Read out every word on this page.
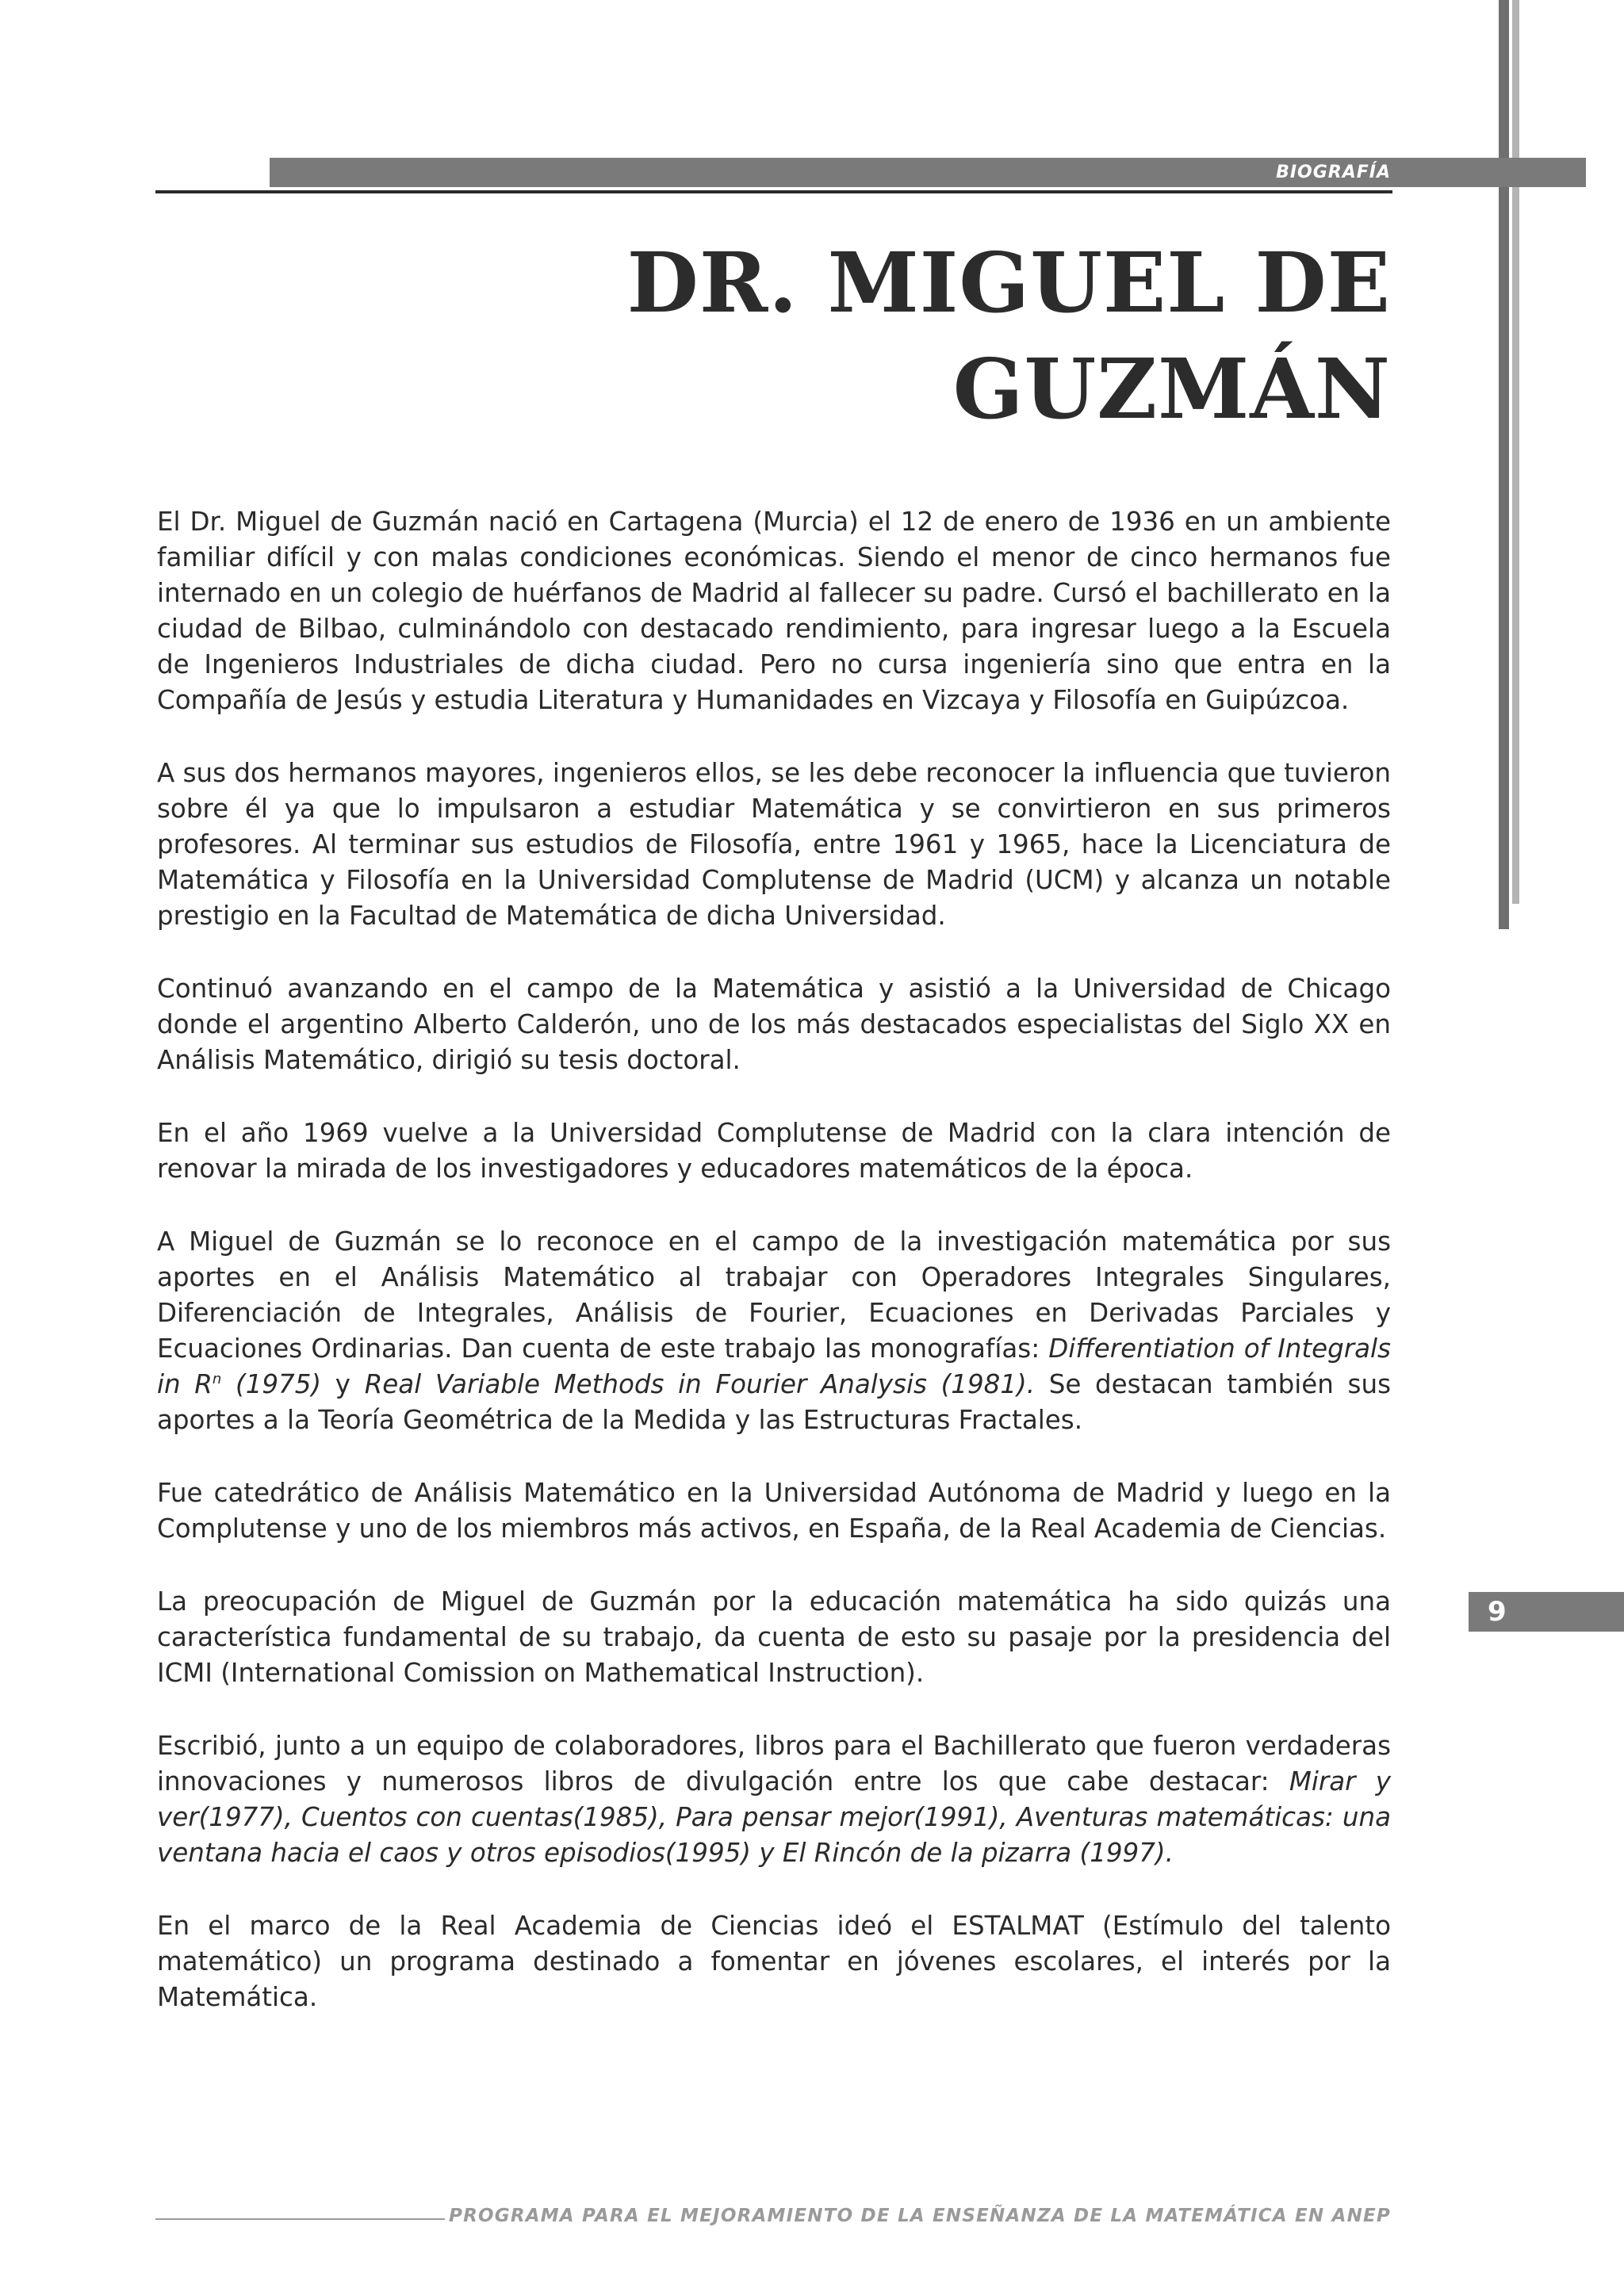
BIOGRAFÍA
DR. MIGUEL DE
GUZMÁN

El Dr. Miguel de Guzmán nació en Cartagena (Murcia) el 12 de enero de 1936 en un ambiente familiar difícil y con malas condiciones económicas. Siendo el menor de cinco hermanos fue internado en un colegio de huérfanos de Madrid al fallecer su padre. Cursó el bachillerato en la ciudad de Bilbao, culminándolo con destacado rendimiento, para ingresar luego a la Escuela de Ingenieros Industriales de dicha ciudad. Pero no cursa ingeniería sino que entra en la Compañía de Jesús y estudia Literatura y Humanidades en Vizcaya y Filosofía en Guipúzcoa.

A sus dos hermanos mayores, ingenieros ellos, se les debe reconocer la influencia que tuvieron sobre él ya que lo impulsaron a estudiar Matemática y se convirtieron en sus primeros profesores. Al terminar sus estudios de Filosofía, entre 1961 y 1965, hace la Licenciatura de Matemática y Filosofía en la Universidad Complutense de Madrid (UCM) y alcanza un notable prestigio en la Facultad de Matemática de dicha Universidad.

Continuó avanzando en el campo de la Matemática y asistió a la Universidad de Chicago donde el argentino Alberto Calderón, uno de los más destacados especialistas del Siglo XX en Análisis Matemático, dirigió su tesis doctoral.

En el año 1969 vuelve a la Universidad Complutense de Madrid con la clara intención de renovar la mirada de los investigadores y educadores matemáticos de la época.

A Miguel de Guzmán se lo reconoce en el campo de la investigación matemática por sus aportes en el Análisis Matemático al trabajar con Operadores Integrales Singulares, Diferenciación de Integrales, Análisis de Fourier, Ecuaciones en Derivadas Parciales y Ecuaciones Ordinarias. Dan cuenta de este trabajo las monografías: Differentiation of Integrals in $R^n$ (1975) y Real Variable Methods in Fourier Analysis (1981). Se destacan también sus aportes a la Teoría Geométrica de la Medida y las Estructuras Fractales.

Fue catedrático de Análisis Matemático en la Universidad Autónoma de Madrid y luego en la Complutense y uno de los miembros más activos, en España, de la Real Academia de Ciencias.

La preocupación de Miguel de Guzmán por la educación matemática ha sido quizás una característica fundamental de su trabajo, da cuenta de esto su pasaje por la presidencia del ICMI (International Comission on Mathematical Instruction).

Escribió, junto a un equipo de colaboradores, libros para el Bachillerato que fueron verdaderas innovaciones y numerosos libros de divulgación entre los que cabe destacar: Mirar y ver(1977), Cuentos con cuentas(1985), Para pensar mejor(1991), Aventuras matemáticas: una ventana hacia el caos y otros episodios(1995) y El Rincón de la pizarra (1997).

En el marco de la Real Academia de Ciencias ideó el ESTALMAT (Estímulo del talento matemático) un programa destinado a fomentar en jóvenes escolares, el interés por la Matemática.

9
PROGRAMA PARA EL MEJORAMIENTO DE LA ENSEÑANZA DE LA MATEMÁTICA EN ANEP
